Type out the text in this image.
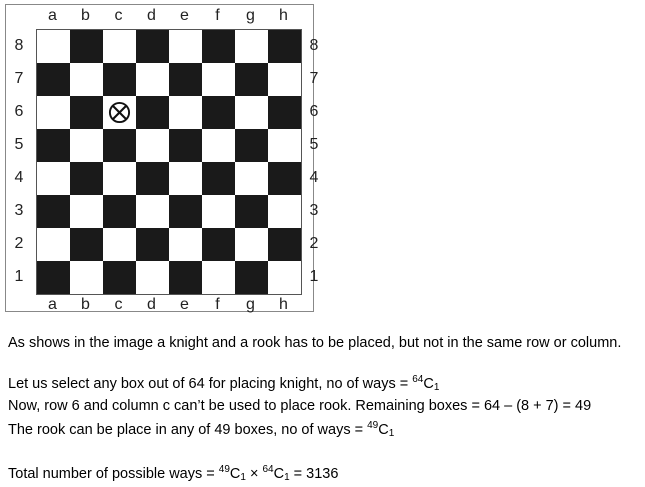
a	b	c	d	e	f	g	h
a	b	c	d	e	f	g	h
8
7
6
5
4
3
2
1
8
7
6
5
4
3
2
1

As shows in the image a knight and a rook has to be placed, but not in the same row or column.

Let us select any box out of 64 for placing knight, no of ways = $^{64}C_1$

Now, row 6 and column c can’t be used to place rook. Remaining boxes = 64 – (8 + 7) = 49

The rook can be place in any of 49 boxes, no of ways = $^{49}C_1$

Total number of possible ways = $^{49}C_1 \times ^{64}C_1 = 3136$
